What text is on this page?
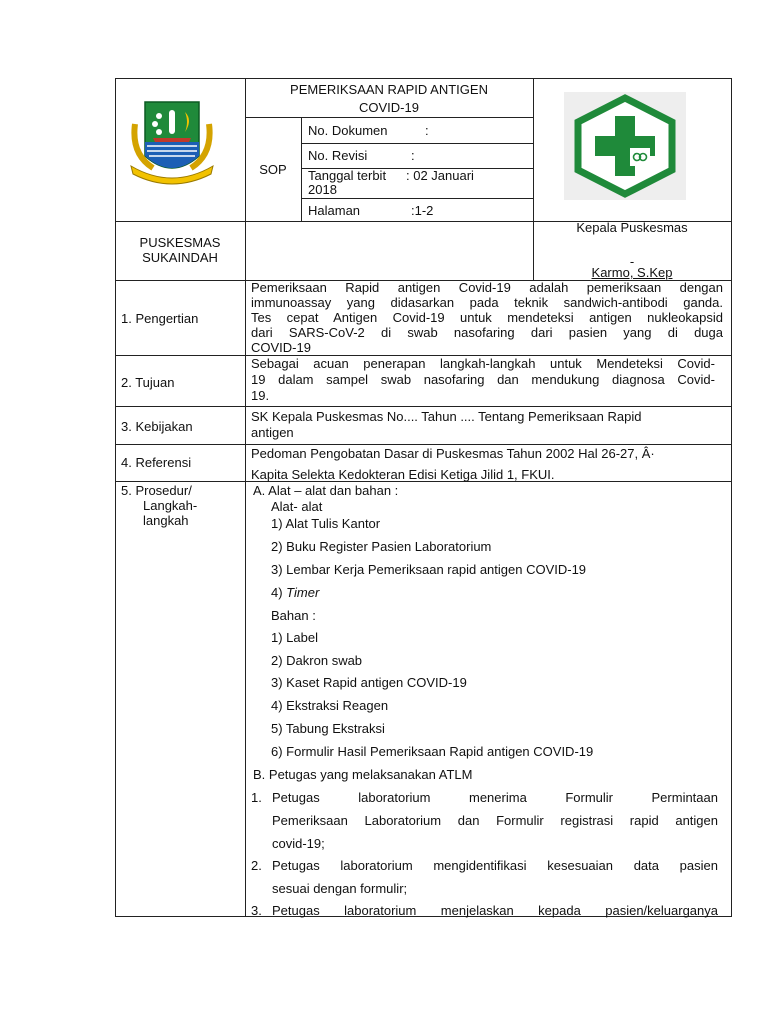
PEMERIKSAAN RAPID ANTIGEN
COVID-19
SOP
No. Dokumen	:
No. Revisi	:
Tanggal terbit : 02 Januari
2018
Halaman	:1-2
PUSKESMAS
SUKAINDAH
Kepala Puskesmas
-
Karmo, S.Kep
1. Pengertian
Pemeriksaan Rapid antigen Covid-19 adalah pemeriksaan dengan
immunoassay yang didasarkan pada teknik sandwich-antibodi ganda.
Tes cepat Antigen Covid-19 untuk mendeteksi antigen nukleokapsid
dari SARS-CoV-2 di swab nasofaring dari pasien yang di duga
COVID-19
2. Tujuan
Sebagai acuan penerapan langkah-langkah untuk Mendeteksi Covid-
19 dalam sampel swab nasofaring dan mendukung diagnosa Covid-
19.
3. Kebijakan
SK Kepala Puskesmas No.... Tahun .... Tentang Pemeriksaan Rapid
antigen
4. Referensi
Pedoman Pengobatan Dasar di Puskesmas Tahun 2002 Hal 26-27, Â·
Kapita Selekta Kedokteran Edisi Ketiga Jilid 1, FKUI.
5. Prosedur/
Langkah-
langkah
A. Alat – alat dan bahan :
Alat- alat
1) Alat Tulis Kantor
2) Buku Register Pasien Laboratorium
3) Lembar Kerja Pemeriksaan rapid antigen COVID-19
4) Timer
Bahan :
1) Label
2) Dakron swab
3) Kaset Rapid antigen COVID-19
4) Ekstraksi Reagen
5) Tabung Ekstraksi
6) Formulir Hasil Pemeriksaan Rapid antigen COVID-19
B. Petugas yang melaksanakan ATLM
1. Petugas laboratorium menerima Formulir Permintaan
Pemeriksaan Laboratorium dan Formulir registrasi rapid antigen
covid-19;
2. Petugas laboratorium mengidentifikasi kesesuaian data pasien
sesuai dengan formulir;
3. Petugas laboratorium menjelaskan kepada pasien/keluarganya
